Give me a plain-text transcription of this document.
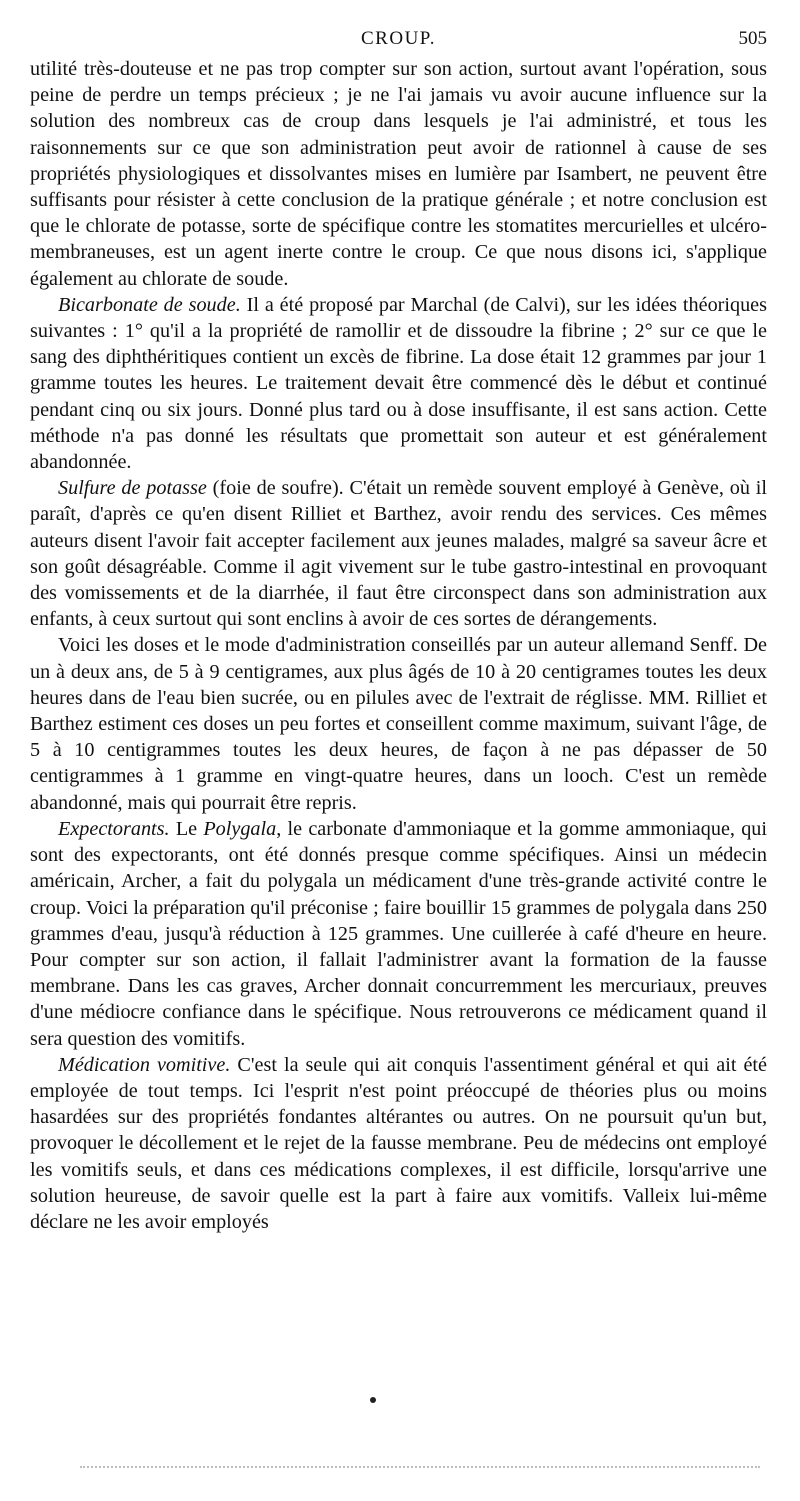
CROUP.	505

utilité très-douteuse et ne pas trop compter sur son action, surtout avant l'opération, sous peine de perdre un temps précieux ; je ne l'ai jamais vu avoir aucune influence sur la solution des nombreux cas de croup dans lesquels je l'ai administré, et tous les raisonnements sur ce que son administration peut avoir de rationnel à cause de ses propriétés physiologiques et dissolvantes mises en lumière par Isambert, ne peuvent être suffisants pour résister à cette conclusion de la pratique générale ; et notre conclusion est que le chlorate de potasse, sorte de spécifique contre les stomatites mercurielles et ulcéro-membraneuses, est un agent inerte contre le croup. Ce que nous disons ici, s'applique également au chlorate de soude.

Bicarbonate de soude. Il a été proposé par Marchal (de Calvi), sur les idées théoriques suivantes : 1° qu'il a la propriété de ramollir et de dissoudre la fibrine ; 2° sur ce que le sang des diphthéritiques contient un excès de fibrine. La dose était 12 grammes par jour 1 gramme toutes les heures. Le traitement devait être commencé dès le début et continué pendant cinq ou six jours. Donné plus tard ou à dose insuffisante, il est sans action. Cette méthode n'a pas donné les résultats que promettait son auteur et est généralement abandonnée.

Sulfure de potasse (foie de soufre). C'était un remède souvent employé à Genève, où il paraît, d'après ce qu'en disent Rilliet et Barthez, avoir rendu des services. Ces mêmes auteurs disent l'avoir fait accepter facilement aux jeunes malades, malgré sa saveur âcre et son goût désagréable. Comme il agit vivement sur le tube gastro-intestinal en provoquant des vomissements et de la diarrhée, il faut être circonspect dans son administration aux enfants, à ceux surtout qui sont enclins à avoir de ces sortes de dérangements.

Voici les doses et le mode d'administration conseillés par un auteur allemand Senff. De un à deux ans, de 5 à 9 centigrames, aux plus âgés de 10 à 20 centigrames toutes les deux heures dans de l'eau bien sucrée, ou en pilules avec de l'extrait de réglisse. MM. Rilliet et Barthez estiment ces doses un peu fortes et conseillent comme maximum, suivant l'âge, de 5 à 10 centigrammes toutes les deux heures, de façon à ne pas dépasser de 50 centigrammes à 1 gramme en vingt-quatre heures, dans un looch. C'est un remède abandonné, mais qui pourrait être repris.

Expectorants. Le Polygala, le carbonate d'ammoniaque et la gomme ammoniaque, qui sont des expectorants, ont été donnés presque comme spécifiques. Ainsi un médecin américain, Archer, a fait du polygala un médicament d'une très-grande activité contre le croup. Voici la préparation qu'il préconise ; faire bouillir 15 grammes de polygala dans 250 grammes d'eau, jusqu'à réduction à 125 grammes. Une cuillerée à café d'heure en heure. Pour compter sur son action, il fallait l'administrer avant la formation de la fausse membrane. Dans les cas graves, Archer donnait concurremment les mercuriaux, preuves d'une médiocre confiance dans le spécifique. Nous retrouverons ce médicament quand il sera question des vomitifs.

Médication vomitive. C'est la seule qui ait conquis l'assentiment général et qui ait été employée de tout temps. Ici l'esprit n'est point préoccupé de théories plus ou moins hasardées sur des propriétés fondantes altérantes ou autres. On ne poursuit qu'un but, provoquer le décollement et le rejet de la fausse membrane. Peu de médecins ont employé les vomitifs seuls, et dans ces médications complexes, il est difficile, lorsqu'arrive une solution heureuse, de savoir quelle est la part à faire aux vomitifs. Valleix lui-même déclare ne les avoir employés
